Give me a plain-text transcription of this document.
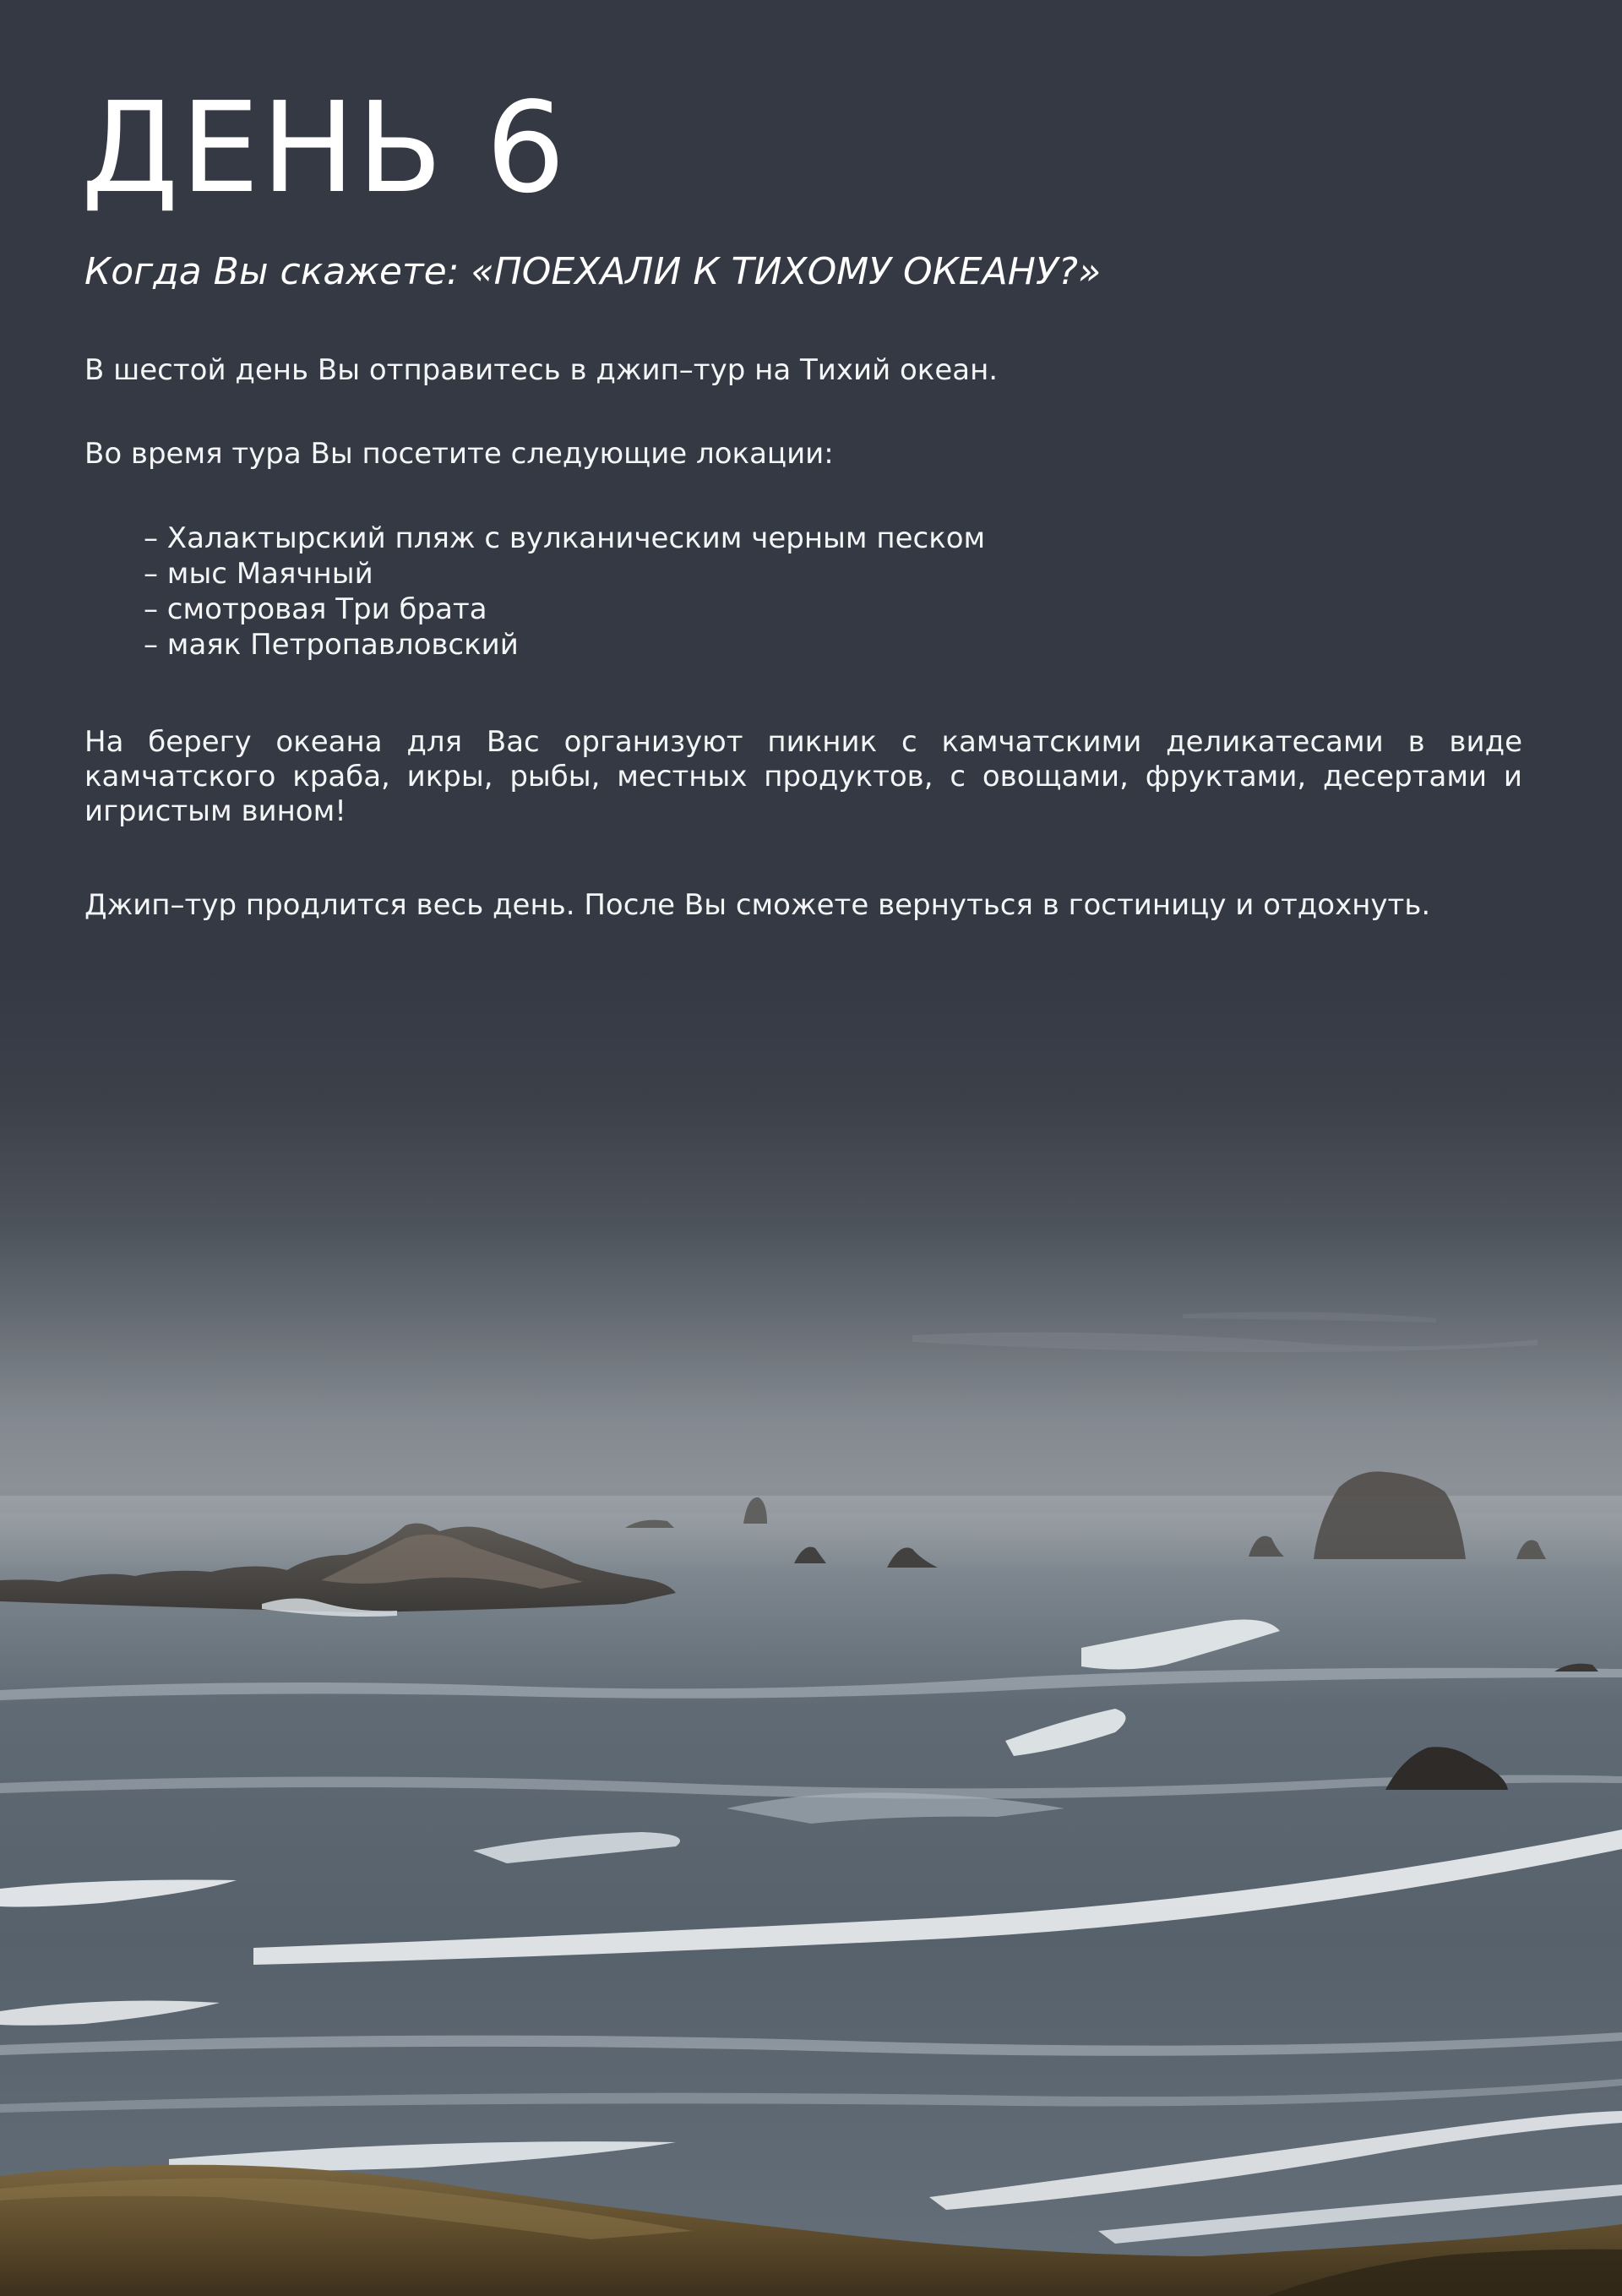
ДЕНЬ 6
Когда Вы скажете: «ПОЕХАЛИ К ТИХОМУ ОКЕАНУ?»

В шестой день Вы отправитесь в джип–тур на Тихий океан.

Во время тура Вы посетите следующие локации:

– Халактырский пляж с вулканическим черным песком
– мыс Маячный
– смотровая Три брата
– маяк Петропавловский

На берегу океана для Вас организуют пикник с камчатскими деликатесами в виде камчатского краба, икры, рыбы, местных продуктов, с овощами, фруктами, десертами и игристым вином!

Джип–тур продлится весь день. После Вы сможете вернуться в гостиницу и отдохнуть.
